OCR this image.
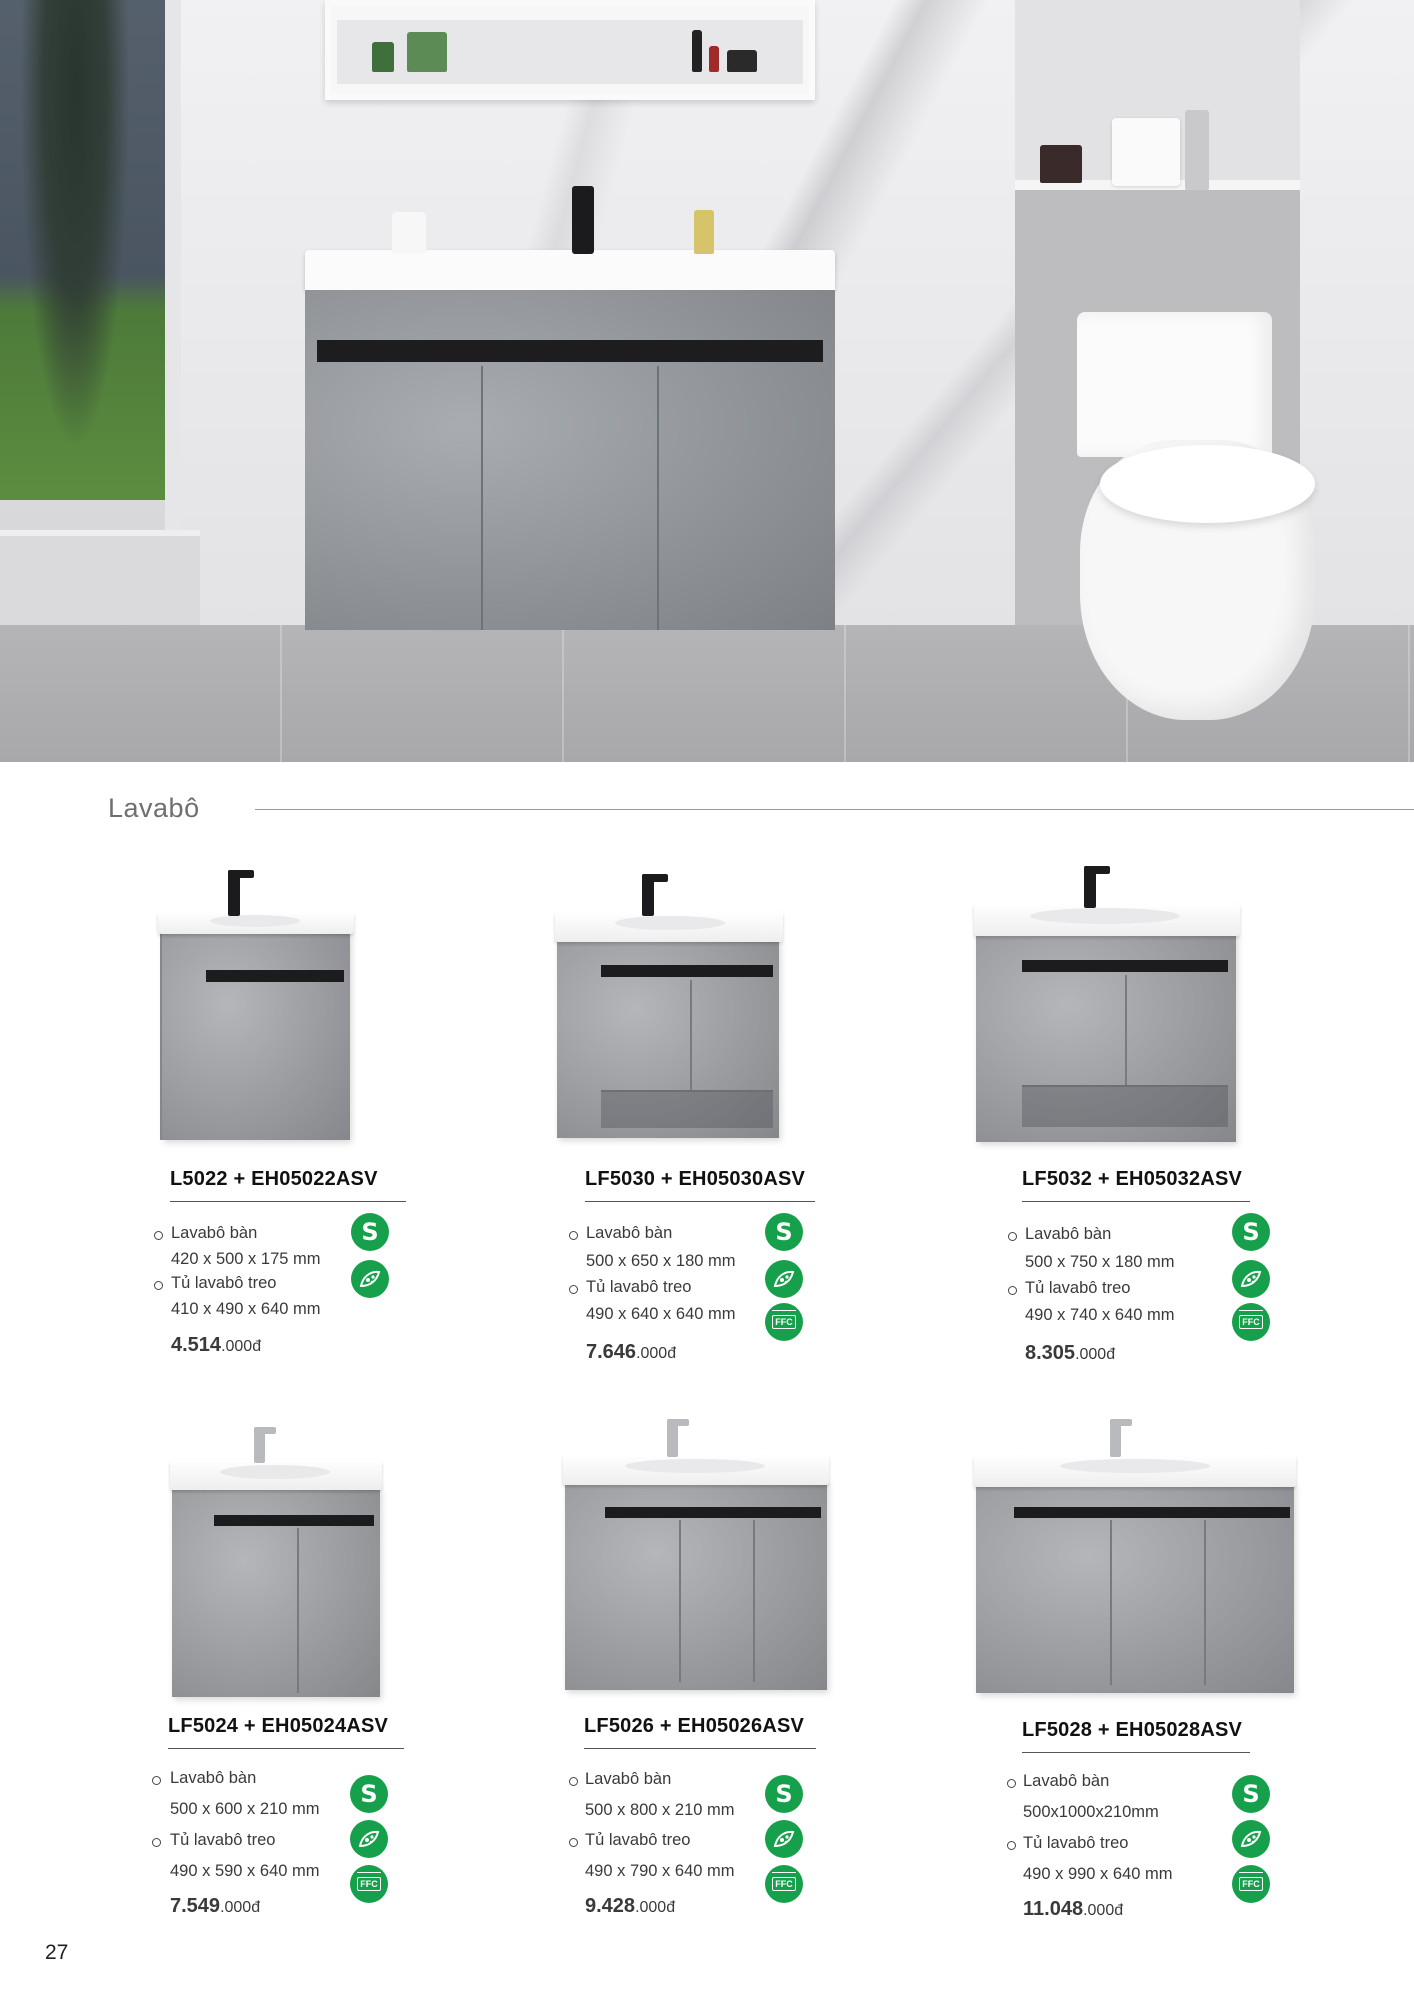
Lavabô
L5022 + EH05022ASV
Lavabô bàn
420 x 500 x 175 mm
Tủ lavabô treo
410 x 490 x 640 mm
4.514.000đ
S
LF5030 + EH05030ASV
Lavabô bàn
500 x 650 x 180 mm
Tủ lavabô treo
490 x 640 x 640 mm
7.646.000đ
S
FFC
LF5032 + EH05032ASV
Lavabô bàn
500 x 750 x 180 mm
Tủ lavabô treo
490 x 740 x 640 mm
8.305.000đ
S
FFC
LF5024 + EH05024ASV
Lavabô bàn
500 x 600 x 210 mm
Tủ lavabô treo
490 x 590 x 640 mm
7.549.000đ
S
FFC
LF5026 + EH05026ASV
Lavabô bàn
500 x 800 x 210 mm
Tủ lavabô treo
490 x 790 x 640 mm
9.428.000đ
S
FFC
LF5028 + EH05028ASV
Lavabô bàn
500x1000x210mm
Tủ lavabô treo
490 x 990 x 640 mm
11.048.000đ
S
FFC
27
